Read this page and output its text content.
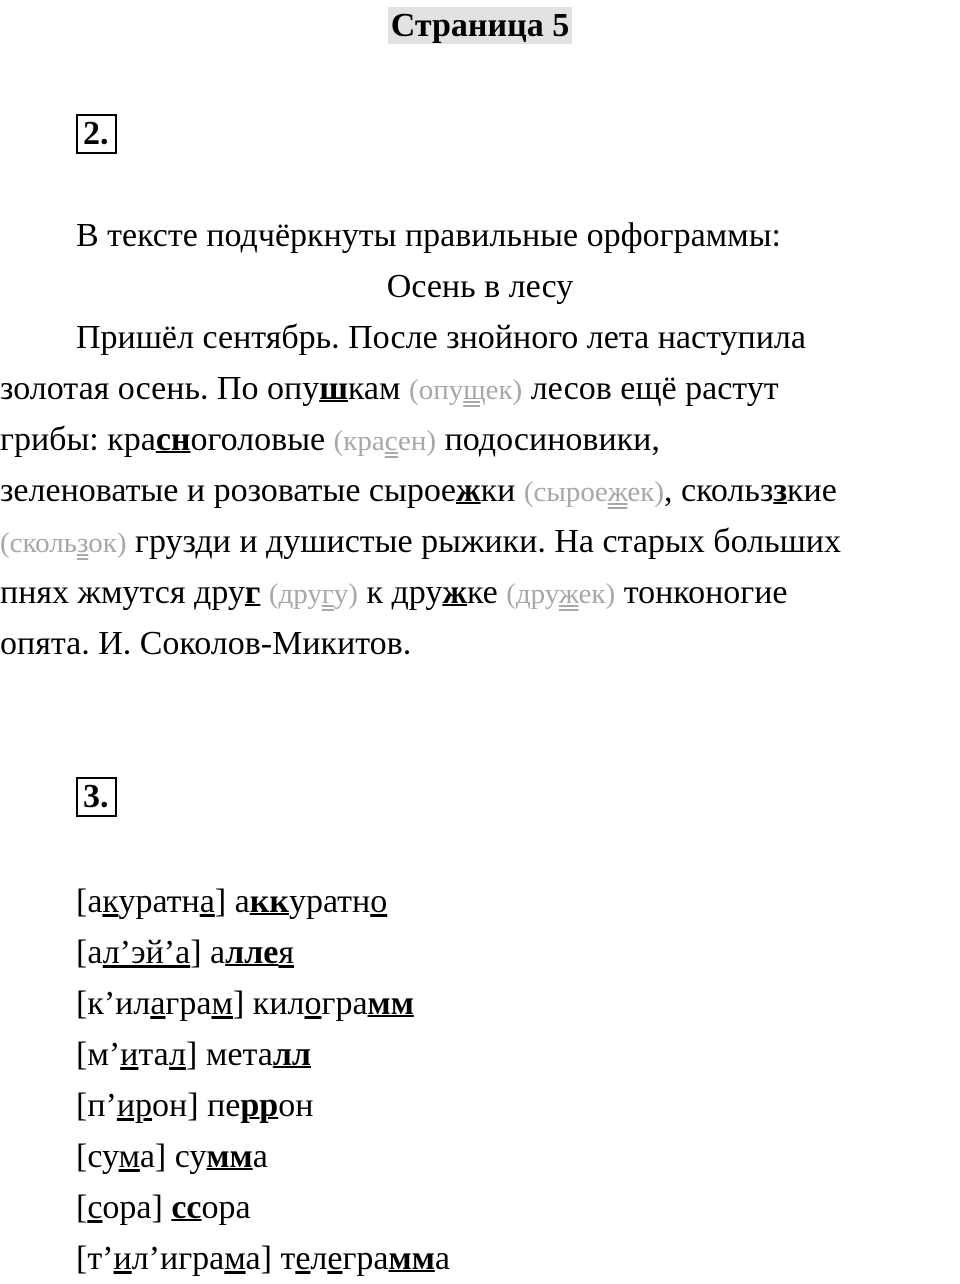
Страница 5
2.
В тексте подчёркнуты правильные орфограммы:
Осень в лесу
Пришёл сентябрь. После знойного лета наступила
золотая осень. По опушкам (опущек) лесов ещё растут
грибы: красноголовые (красен) подосиновики,
зеленоватые и розоватые сыроeжки (сыроeжек), скольззкие
(скользок) грузди и душистые рыжики. На старых больших
пнях жмутся друг (другу) к дружке (дружек) тонконогие
опята. И. Соколов-Микитов.
3.
[акуратна] аккуратно
[ал’эй’а] аллея
[к’илаграм] килограмм
[м’итал] металл
[п’ирон] перрон
[сума] сумма
[сора] ссора
[т’ил’играма] телеграмма
